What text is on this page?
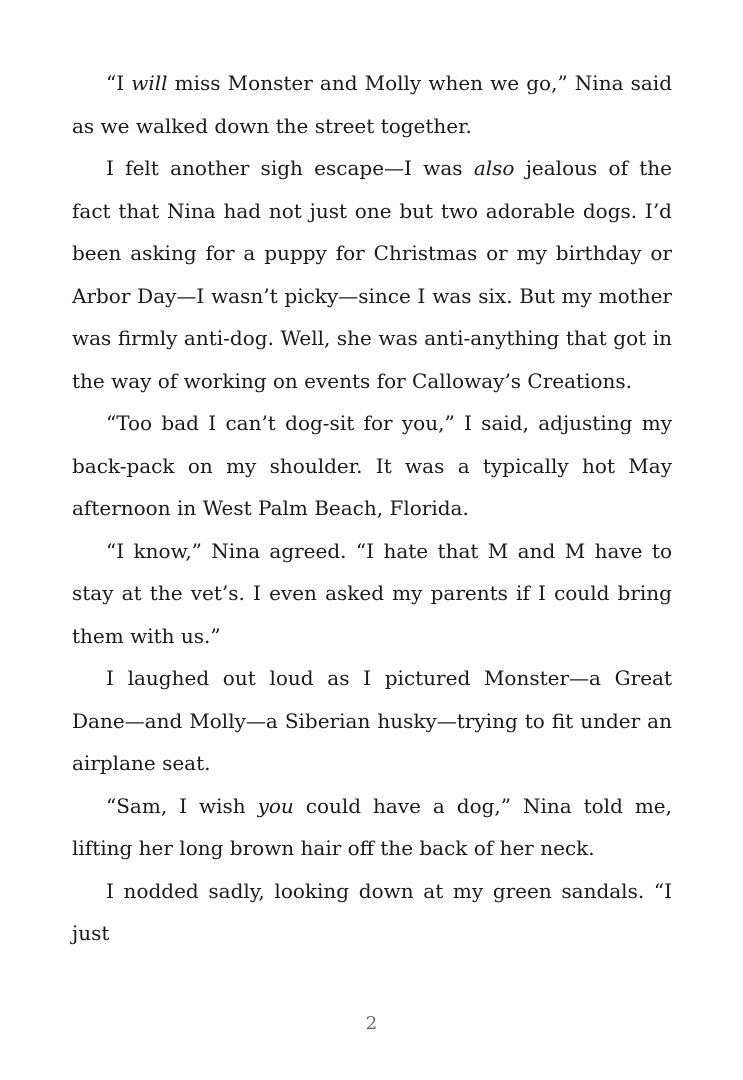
“I will miss Monster and Molly when we go,” Nina said as we walked down the street together.

I felt another sigh escape—I was also jealous of the fact that Nina had not just one but two adorable dogs. I’d been asking for a puppy for Christmas or my birthday or Arbor Day—I wasn’t picky—since I was six. But my mother was firmly anti-dog. Well, she was anti-anything that got in the way of working on events for Calloway’s Creations.

“Too bad I can’t dog-sit for you,” I said, adjusting my back-pack on my shoulder. It was a typically hot May afternoon in West Palm Beach, Florida.

“I know,” Nina agreed. “I hate that M and M have to stay at the vet’s. I even asked my parents if I could bring them with us.”

I laughed out loud as I pictured Monster—a Great Dane—and Molly—a Siberian husky—trying to fit under an airplane seat.

“Sam, I wish you could have a dog,” Nina told me, lifting her long brown hair off the back of her neck.

I nodded sadly, looking down at my green sandals. “I just

2
